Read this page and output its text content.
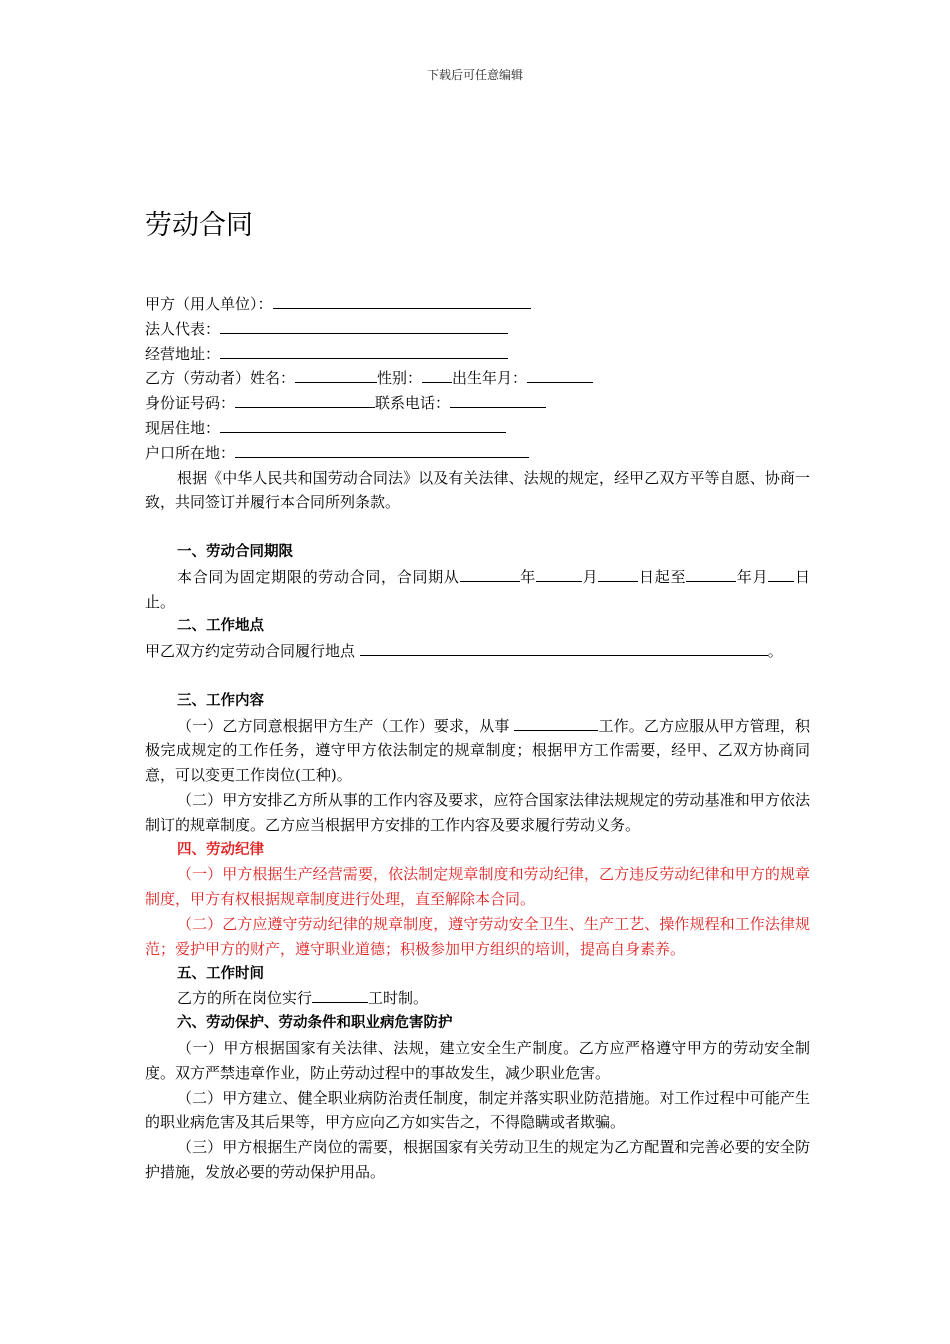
下载后可任意编辑
劳动合同
甲方（用人单位）：
法人代表：
经营地址：
乙方（劳动者）姓名：	性别： 出生年月：
身份证号码：	联系电话：
现居住地：
户口所在地：
根据《中华人民共和国劳动合同法》以及有关法律、法规的规定，经甲乙双方平等自愿、协商一致，共同签订并履行本合同所列条款。
一、劳动合同期限
本合同为固定期限的劳动合同，合同期从	年	月	日起至	年月 日止。
二、工作地点
甲乙双方约定劳动合同履行地点	。
三、工作内容
（一）乙方同意根据甲方生产（工作）要求，从事	工作。乙方应服从甲方管理，积极完成规定的工作任务，遵守甲方依法制定的规章制度；根据甲方工作需要，经甲、乙双方协商同意，可以变更工作岗位(工种)。
（二）甲方安排乙方所从事的工作内容及要求，应符合国家法律法规规定的劳动基准和甲方依法制订的规章制度。乙方应当根据甲方安排的工作内容及要求履行劳动义务。
四、劳动纪律
（一）甲方根据生产经营需要，依法制定规章制度和劳动纪律，乙方违反劳动纪律和甲方的规章制度，甲方有权根据规章制度进行处理，直至解除本合同。
（二）乙方应遵守劳动纪律的规章制度，遵守劳动安全卫生、生产工艺、操作规程和工作法律规范；爱护甲方的财产，遵守职业道德；积极参加甲方组织的培训，提高自身素养。
五、工作时间
乙方的所在岗位实行	工时制。
六、劳动保护、劳动条件和职业病危害防护
（一）甲方根据国家有关法律、法规，建立安全生产制度。乙方应严格遵守甲方的劳动安全制度。双方严禁违章作业，防止劳动过程中的事故发生，减少职业危害。
（二）甲方建立、健全职业病防治责任制度，制定并落实职业防范措施。对工作过程中可能产生的职业病危害及其后果等，甲方应向乙方如实告之，不得隐瞒或者欺骗。
（三）甲方根据生产岗位的需要，根据国家有关劳动卫生的规定为乙方配置和完善必要的安全防护措施，发放必要的劳动保护用品。
